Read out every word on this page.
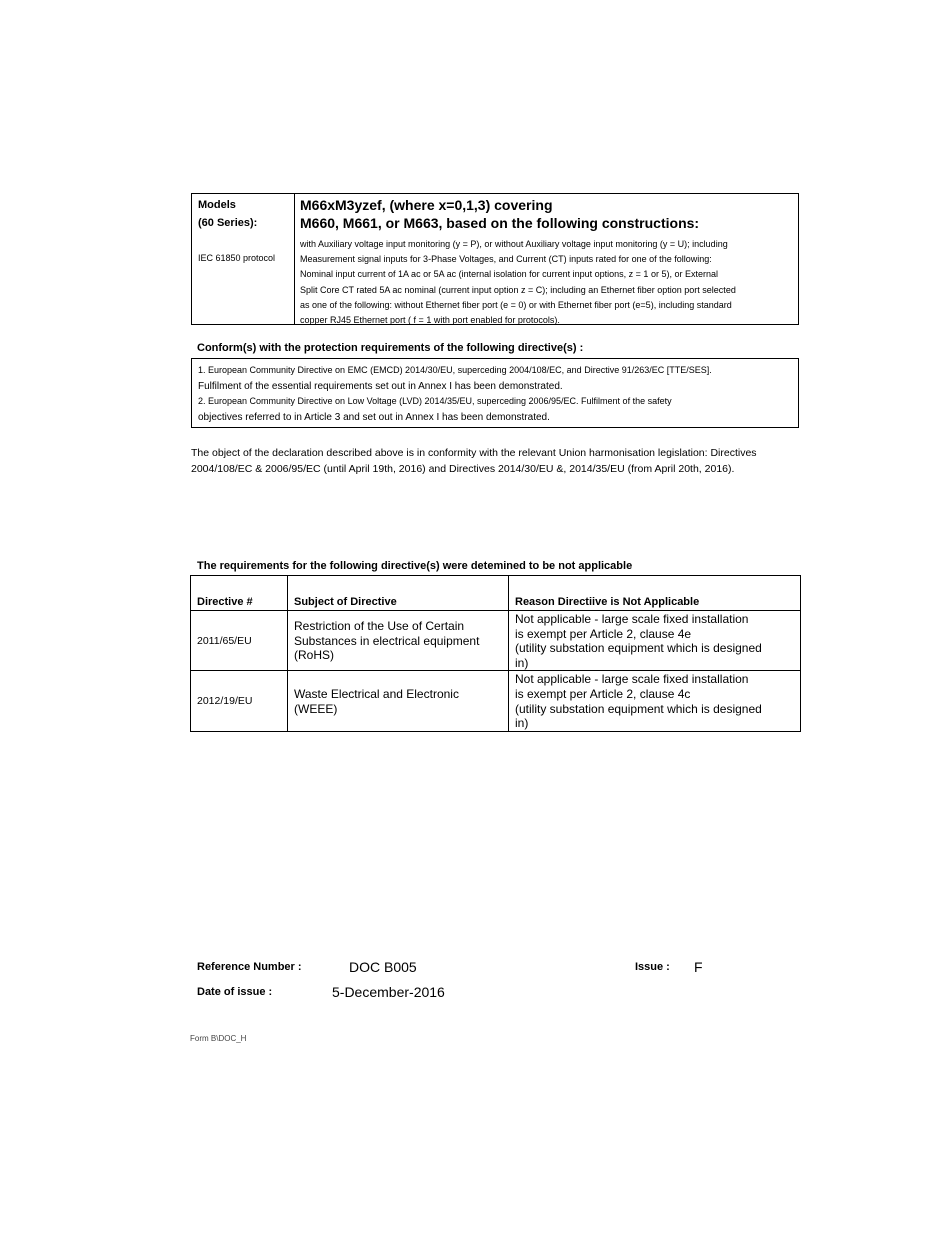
Models
(60 Series):
IEC 61850 protocol
M66xM3yzef, (where x=0,1,3) covering
M660, M661, or M663, based on the following constructions:

with Auxiliary voltage input monitoring (y = P), or without Auxiliary voltage input monitoring (y = U); including

Measurement signal inputs for 3-Phase Voltages, and Current (CT) inputs rated for one of the following:

Nominal input current of 1A ac or 5A ac (internal isolation for current input options, z = 1 or 5), or External

Split Core CT rated 5A ac nominal (current input option z = C); including an Ethernet fiber option port selected

as one of the following: without Ethernet fiber port (e = 0) or with Ethernet fiber port (e=5), including standard

copper RJ45 Ethernet port ( f = 1 with port enabled for protocols).

Conform(s) with the protection requirements of the following directive(s) :

1. European Community Directive on EMC (EMCD) 2014/30/EU, superceding 2004/108/EC, and Directive 91/263/EC [TTE/SES].

Fulfilment of the essential requirements set out in Annex I has been demonstrated.

2. European Community Directive on Low Voltage (LVD) 2014/35/EU, superceding 2006/95/EC. Fulfilment of the safety

objectives referred to in Article 3 and set out in Annex I has been demonstrated.

The object of the declaration described above is in conformity with the relevant Union harmonisation legislation: Directives

2004/108/EC & 2006/95/EC (until April 19th, 2016) and Directives 2014/30/EU &, 2014/35/EU (from April 20th, 2016).

The requirements for the following directive(s) were detemined to be not applicable
Directive #	Subject of Directive	Reason Directiive is Not Applicable
2011/65/EU	Restriction of the Use of Certain
Substances in electrical equipment
(RoHS)	Not applicable - large scale fixed installation
is exempt per Article 2, clause 4e
(utility substation equipment which is designed
in)

2012/19/EU	Waste Electrical and Electronic
(WEEE)	Not applicable - large scale fixed installation
is exempt per Article 2, clause 4c
(utility substation equipment which is designed
in)
Reference Number :	DOC B005	Issue : F
Date of issue :	5-December-2016
Form B\DOC_H
